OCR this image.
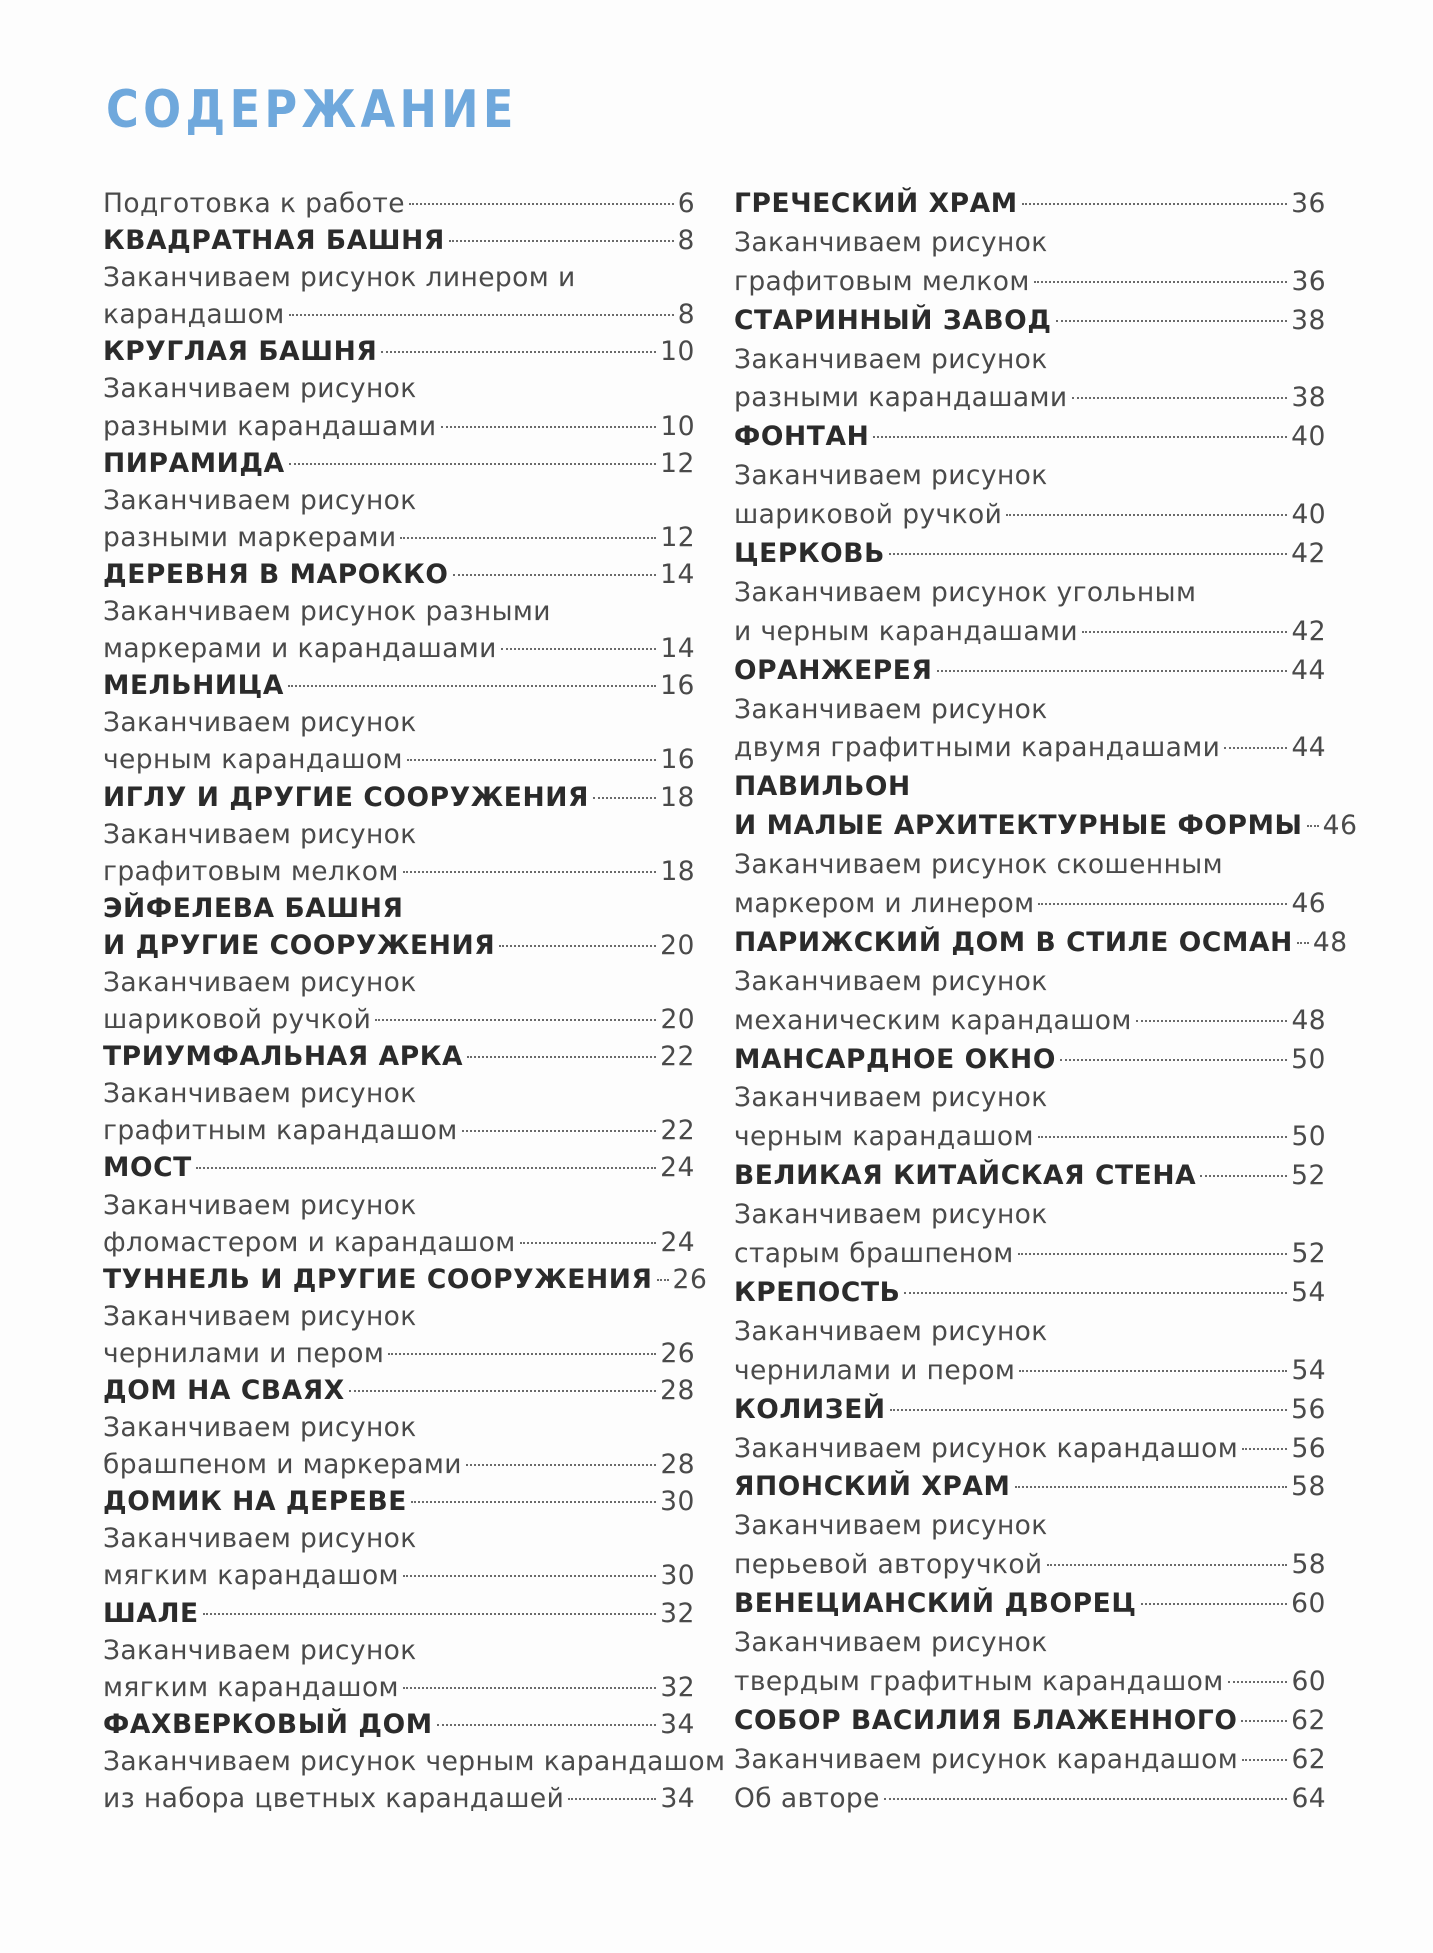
СОДЕРЖАНИЕ
Подготовка к работе	6
КВАДРАТНАЯ БАШНЯ	8
Заканчиваем рисунок линером и
карандашом	8
КРУГЛАЯ БАШНЯ	10
Заканчиваем рисунок
разными карандашами	10
ПИРАМИДА	12
Заканчиваем рисунок
разными маркерами	12
ДЕРЕВНЯ В МАРОККО	14
Заканчиваем рисунок разными
маркерами и карандашами	14
МЕЛЬНИЦА	16
Заканчиваем рисунок
черным карандашом	16
ИГЛУ И ДРУГИЕ СООРУЖЕНИЯ	18
Заканчиваем рисунок
графитовым мелком	18
ЭЙФЕЛЕВА БАШНЯ
И ДРУГИЕ СООРУЖЕНИЯ	20
Заканчиваем рисунок
шариковой ручкой	20
ТРИУМФАЛЬНАЯ АРКА	22
Заканчиваем рисунок
графитным карандашом	22
МОСТ	24
Заканчиваем рисунок
фломастером и карандашом	24
ТУННЕЛЬ И ДРУГИЕ СООРУЖЕНИЯ 26
Заканчиваем рисунок
чернилами и пером	26
ДОМ НА СВАЯХ	28
Заканчиваем рисунок
брашпеном и маркерами	28
ДОМИК НА ДЕРЕВЕ	30
Заканчиваем рисунок
мягким карандашом	30
ШАЛЕ	32
Заканчиваем рисунок
мягким карандашом	32
ФАХВЕРКОВЫЙ ДОМ	34
Заканчиваем рисунок черным карандашом
из набора цветных карандашей	34
ГРЕЧЕСКИЙ ХРАМ	36
Заканчиваем рисунок
графитовым мелком	36
СТАРИННЫЙ ЗАВОД	38
Заканчиваем рисунок
разными карандашами	38
ФОНТАН	40
Заканчиваем рисунок
шариковой ручкой	40
ЦЕРКОВЬ	42
Заканчиваем рисунок угольным
и черным карандашами	42
ОРАНЖЕРЕЯ	44
Заканчиваем рисунок
двумя графитными карандашами	44
ПАВИЛЬОН
И МАЛЫЕ АРХИТЕКТУРНЫЕ ФОРМЫ 46
Заканчиваем рисунок скошенным
маркером и линером	46
ПАРИЖСКИЙ ДОМ В СТИЛЕ ОСМАН 48
Заканчиваем рисунок
механическим карандашом	48
МАНСАРДНОЕ ОКНО	50
Заканчиваем рисунок
черным карандашом	50
ВЕЛИКАЯ КИТАЙСКАЯ СТЕНА	52
Заканчиваем рисунок
старым брашпеном	52
КРЕПОСТЬ	54
Заканчиваем рисунок
чернилами и пером	54
КОЛИЗЕЙ	56
Заканчиваем рисунок карандашом 56
ЯПОНСКИЙ ХРАМ	58
Заканчиваем рисунок
перьевой авторучкой	58
ВЕНЕЦИАНСКИЙ ДВОРЕЦ	60
Заканчиваем рисунок
твердым графитным карандашом	60
СОБОР ВАСИЛИЯ БЛАЖЕННОГО 62
Заканчиваем рисунок карандашом 62
Об авторе	64
